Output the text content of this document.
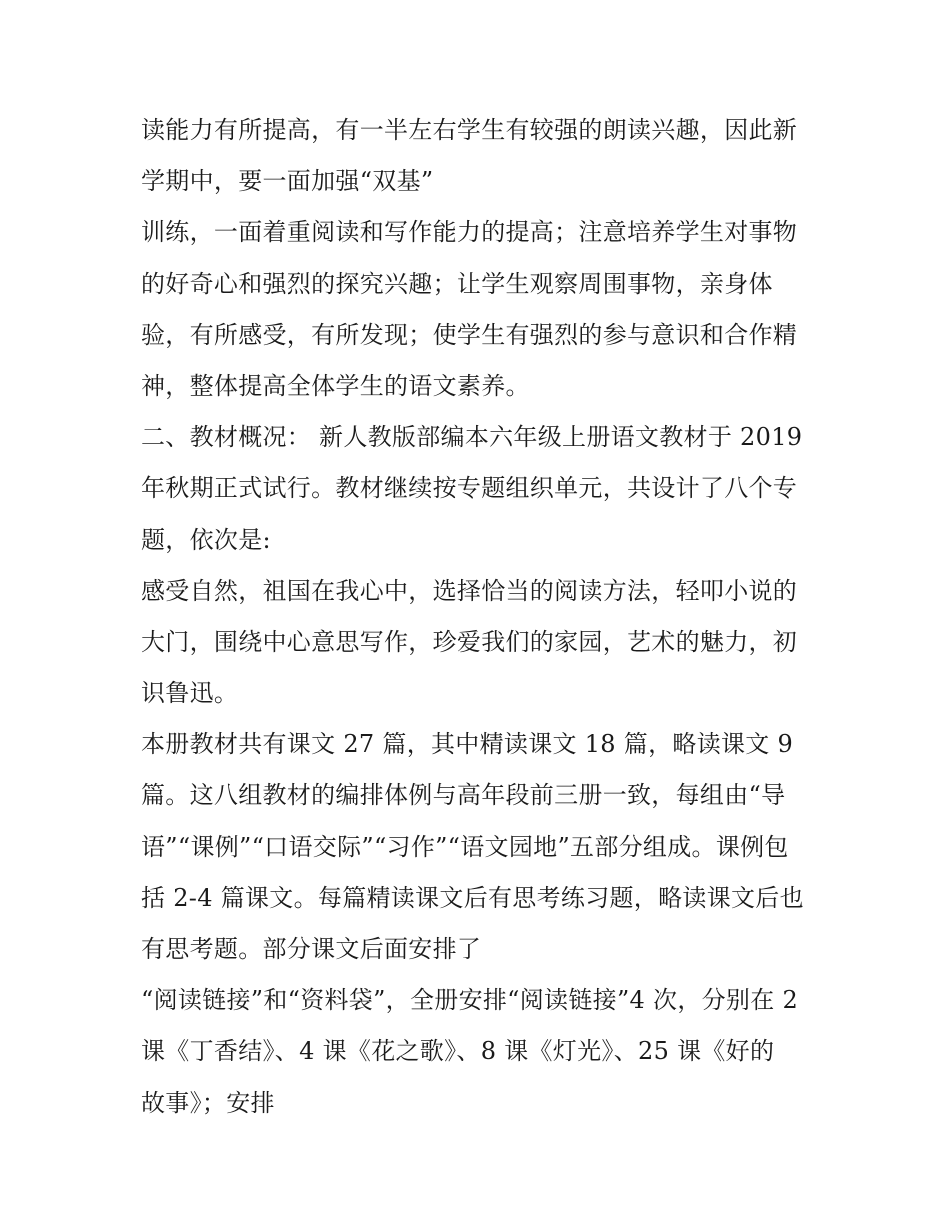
读能力有所提高，有一半左右学生有较强的朗读兴趣，因此新
学期中，要一面加强“双基”
训练，一面着重阅读和写作能力的提高；注意培养学生对事物
的好奇心和强烈的探究兴趣；让学生观察周围事物，亲身体
验，有所感受，有所发现；使学生有强烈的参与意识和合作精
神，整体提高全体学生的语文素养。
二、教材概况： 新人教版部编本六年级上册语文教材于 2019
年秋期正式试行。教材继续按专题组织单元，共设计了八个专
题，依次是:
感受自然，祖国在我心中，选择恰当的阅读方法，轻叩小说的
大门，围绕中心意思写作，珍爱我们的家园，艺术的魅力，初
识鲁迅。
本册教材共有课文 27 篇，其中精读课文 18 篇，略读课文 9
篇。这八组教材的编排体例与高年段前三册一致，每组由“导
语”“课例”“口语交际”“习作”“语文园地”五部分组成。课例包
括 2-4 篇课文。每篇精读课文后有思考练习题，略读课文后也
有思考题。部分课文后面安排了
“阅读链接”和“资料袋”，全册安排“阅读链接”4 次，分别在 2
课《丁香结》、4 课《花之歌》、8 课《灯光》、25 课《好的
故事》；安排
